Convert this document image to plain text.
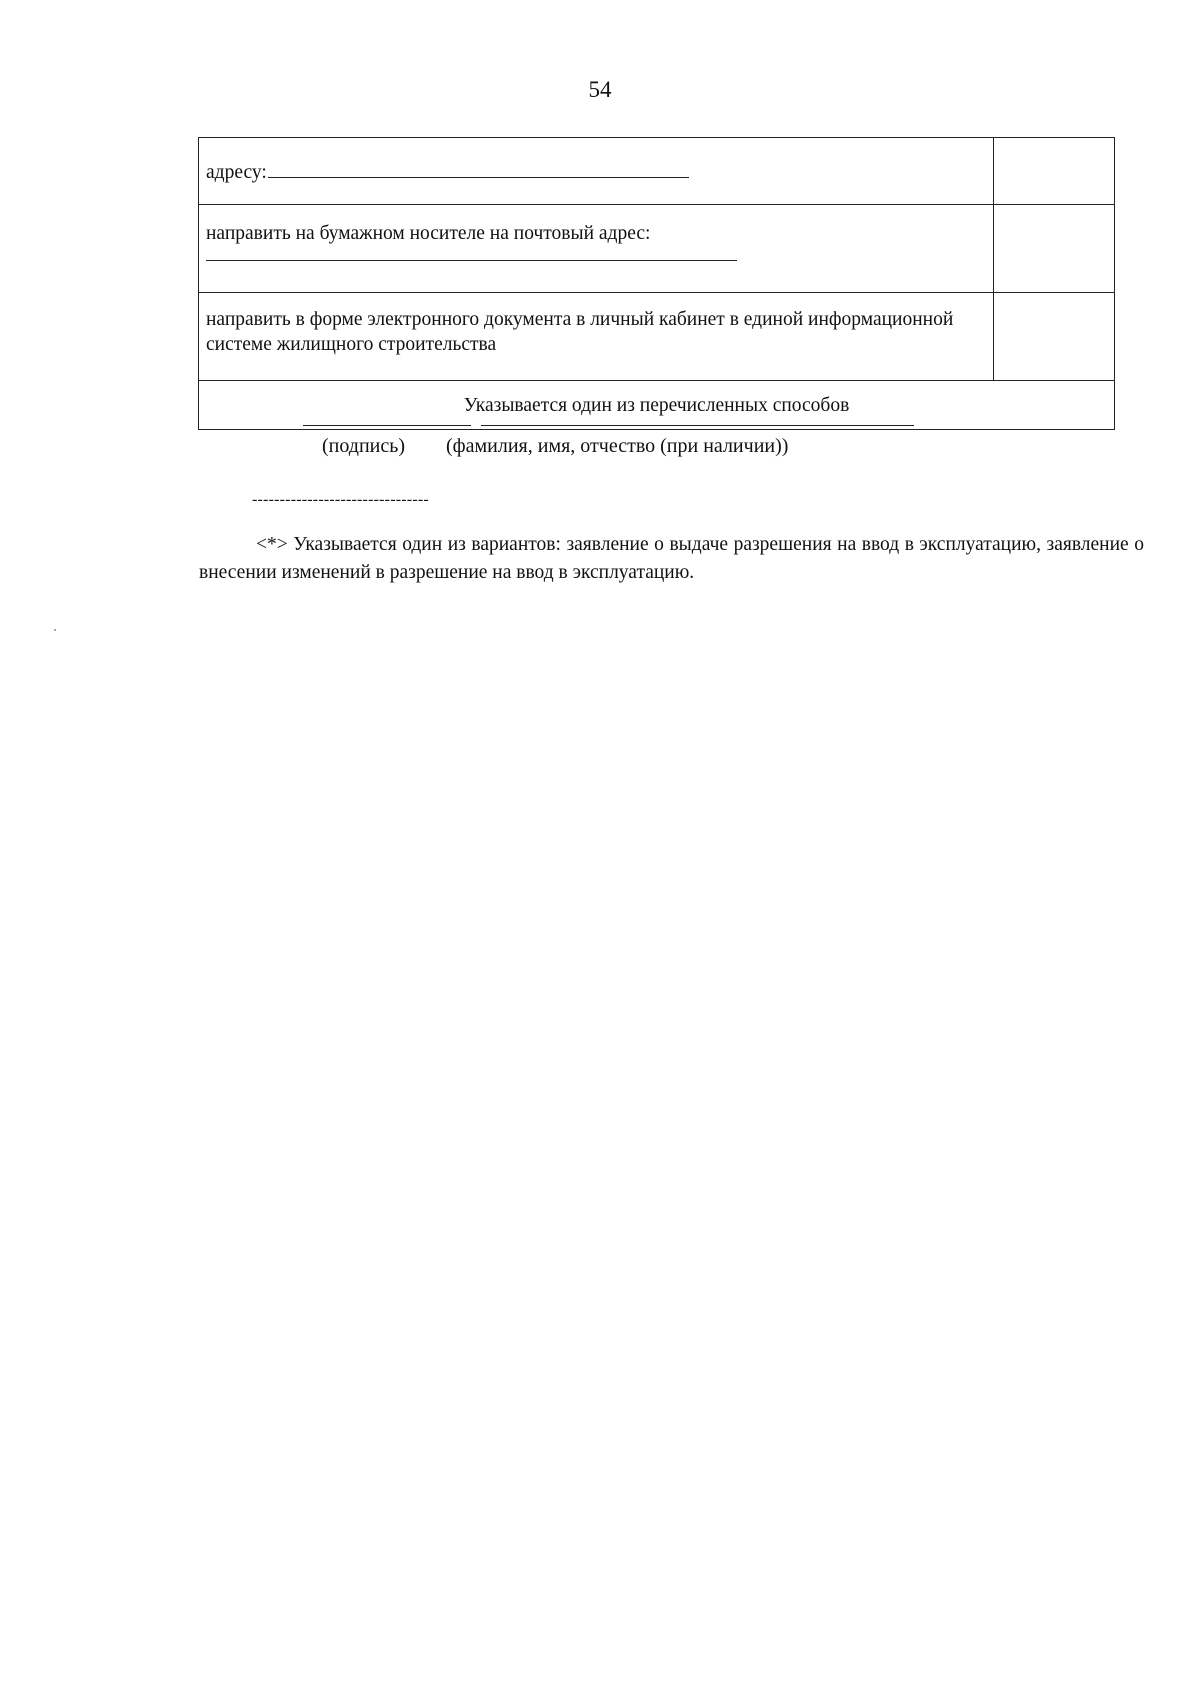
54
адресу:	
направить на бумажном носителе на почтовый адрес:

направить в форме электронного документа в личный кабинет в единой информационной системе жилищного строительства	
Указывается один из перечисленных способов	
(подпись) (фамилия, имя, отчество (при наличии))
--------------------------------
<*> Указывается один из вариантов: заявление о выдаче разрешения на ввод в эксплуатацию, заявление о внесении изменений в разрешение на ввод в эксплуатацию.
